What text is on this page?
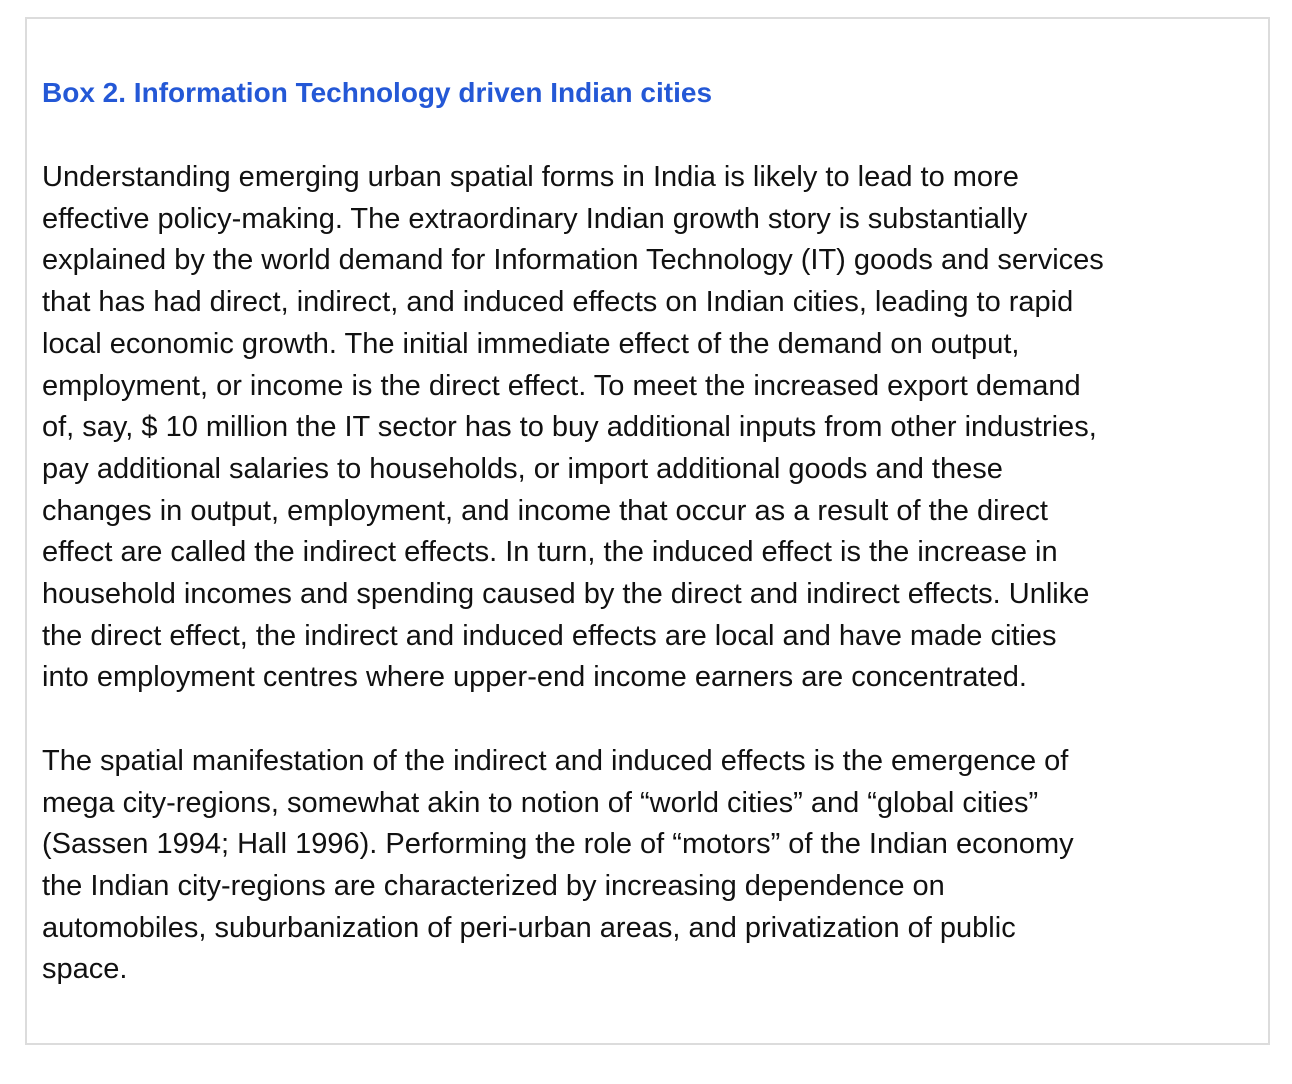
Box 2. Information Technology driven Indian cities

Understanding emerging urban spatial forms in India is likely to lead to more
effective policy-making. The extraordinary Indian growth story is substantially
explained by the world demand for Information Technology (IT) goods and services
that has had direct, indirect, and induced effects on Indian cities, leading to rapid
local economic growth. The initial immediate effect of the demand on output,
employment, or income is the direct effect. To meet the increased export demand
of, say, $ 10 million the IT sector has to buy additional inputs from other industries,
pay additional salaries to households, or import additional goods and these
changes in output, employment, and income that occur as a result of the direct
effect are called the indirect effects. In turn, the induced effect is the increase in
household incomes and spending caused by the direct and indirect effects. Unlike
the direct effect, the indirect and induced effects are local and have made cities
into employment centres where upper-end income earners are concentrated.

The spatial manifestation of the indirect and induced effects is the emergence of
mega city-regions, somewhat akin to notion of “world cities” and “global cities”
(Sassen 1994; Hall 1996). Performing the role of “motors” of the Indian economy
the Indian city-regions are characterized by increasing dependence on
automobiles, suburbanization of peri-urban areas, and privatization of public
space.
